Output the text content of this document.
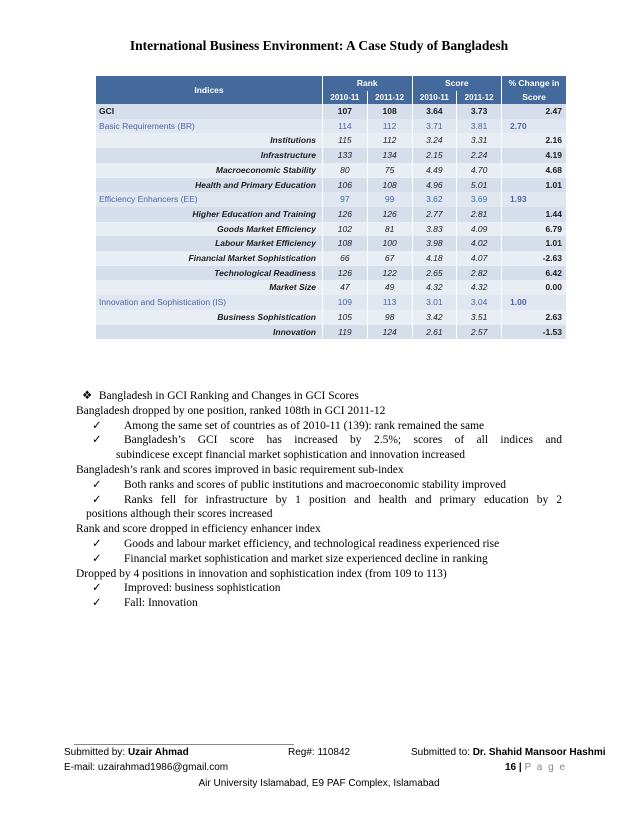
International Business Environment: A Case Study of Bangladesh
Indices	Rank		Score		% Change in Score
	2010-11	2011-12	2010-11	2011-12	
GCI	107	108	3.64	3.73	2.47
Basic Requirements (BR)	114	112	3.71	3.81	2.70
Institutions	115	112	3.24	3.31	2.16
Infrastructure	133	134	2.15	2.24	4.19
Macroeconomic Stability	80	75	4.49	4.70	4.68
Health and Primary Education	106	108	4.96	5.01	1.01
Efficiency Enhancers (EE)	97	99	3.62	3.69	1.93
Higher Education and Training	126	126	2.77	2.81	1.44
Goods Market Efficiency	102	81	3.83	4.09	6.79
Labour Market Efficiency	108	100	3.98	4.02	1.01
Financial Market Sophistication	66	67	4.18	4.07	-2.63
Technological Readiness	126	122	2.65	2.82	6.42
Market Size	47	49	4.32	4.32	0.00
Innovation and Sophistication (IS)	109	113	3.01	3.04	1.00
Business Sophistication	105	98	3.42	3.51	2.63
Innovation	119	124	2.61	2.57	-1.53

❖ Bangladesh in GCI Ranking and Changes in GCI Scores

Bangladesh dropped by one position, ranked 108th in GCI 2011-12

✓	Among the same set of countries as of 2010-11 (139): rank remained the same
✓	Bangladesh’s GCI score has increased by 2.5%; scores of all indices and

subindicese except financial market sophistication and innovation increased

Bangladesh’s rank and scores improved in basic requirement sub-index

✓	Both ranks and scores of public institutions and macroeconomic stability improved
✓	Ranks fell for infrastructure by 1 position and health and primary education by 2

positions although their scores increased

Rank and score dropped in efficiency enhancer index

✓	Goods and labour market efficiency, and technological readiness experienced rise
✓	Financial market sophistication and market size experienced decline in ranking

Dropped by 4 positions in innovation and sophistication index (from 109 to 113)

✓	Improved: business sophistication
✓	Fall: Innovation
Submitted by: Uzair Ahmad	Reg#: 110842	Submitted to: Dr. Shahid Mansoor Hashmi
E-mail: uzairahmad1986@gmail.com	16 | P a g e
Air University Islamabad, E9 PAF Complex, Islamabad
